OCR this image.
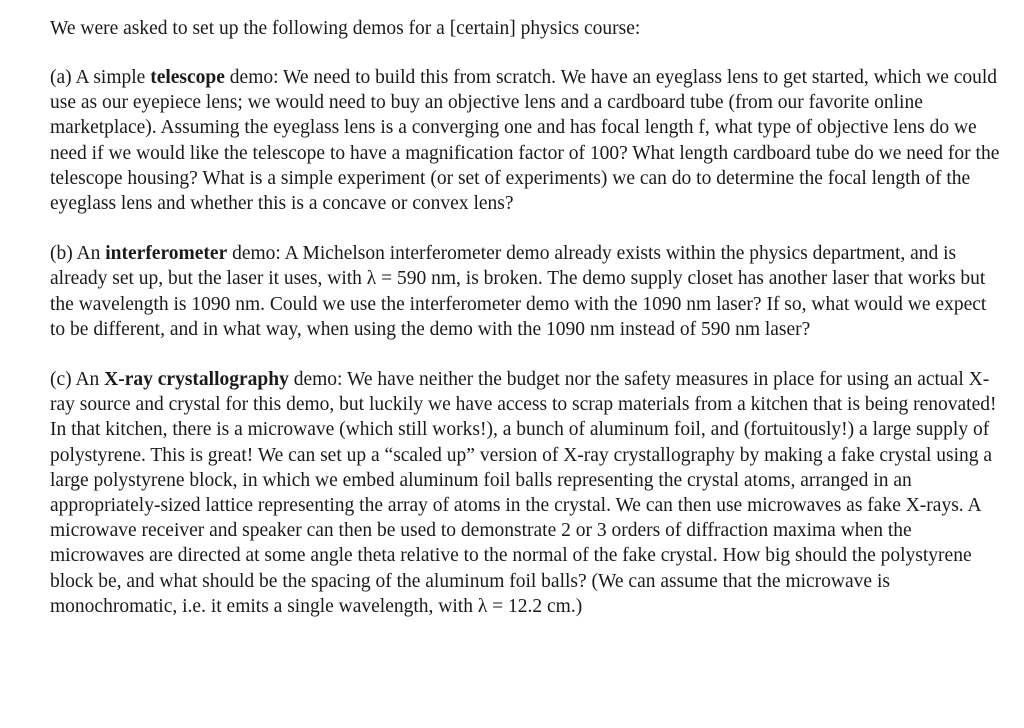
We were asked to set up the following demos for a [certain] physics course:

(a) A simple telescope demo: We need to build this from scratch. We have an eyeglass lens to get started, which we could use as our eyepiece lens; we would need to buy an objective lens and a cardboard tube (from our favorite online marketplace). Assuming the eyeglass lens is a converging one and has focal length f, what type of objective lens do we need if we would like the telescope to have a magnification factor of 100? What length cardboard tube do we need for the telescope housing? What is a simple experiment (or set of experiments) we can do to determine the focal length of the eyeglass lens and whether this is a concave or convex lens?

(b) An interferometer demo: A Michelson interferometer demo already exists within the physics department, and is already set up, but the laser it uses, with λ = 590 nm, is broken. The demo supply closet has another laser that works but the wavelength is 1090 nm. Could we use the interferometer demo with the 1090 nm laser? If so, what would we expect to be different, and in what way, when using the demo with the 1090 nm instead of 590 nm laser?

(c) An X-ray crystallography demo: We have neither the budget nor the safety measures in place for using an actual X-ray source and crystal for this demo, but luckily we have access to scrap materials from a kitchen that is being renovated! In that kitchen, there is a microwave (which still works!), a bunch of aluminum foil, and (fortuitously!) a large supply of polystyrene. This is great! We can set up a “scaled up” version of X-ray crystallography by making a fake crystal using a large polystyrene block, in which we embed aluminum foil balls representing the crystal atoms, arranged in an appropriately-sized lattice representing the array of atoms in the crystal. We can then use microwaves as fake X-rays. A microwave receiver and speaker can then be used to demonstrate 2 or 3 orders of diffraction maxima when the microwaves are directed at some angle theta relative to the normal of the fake crystal. How big should the polystyrene block be, and what should be the spacing of the aluminum foil balls? (We can assume that the microwave is monochromatic, i.e. it emits a single wavelength, with λ = 12.2 cm.)
